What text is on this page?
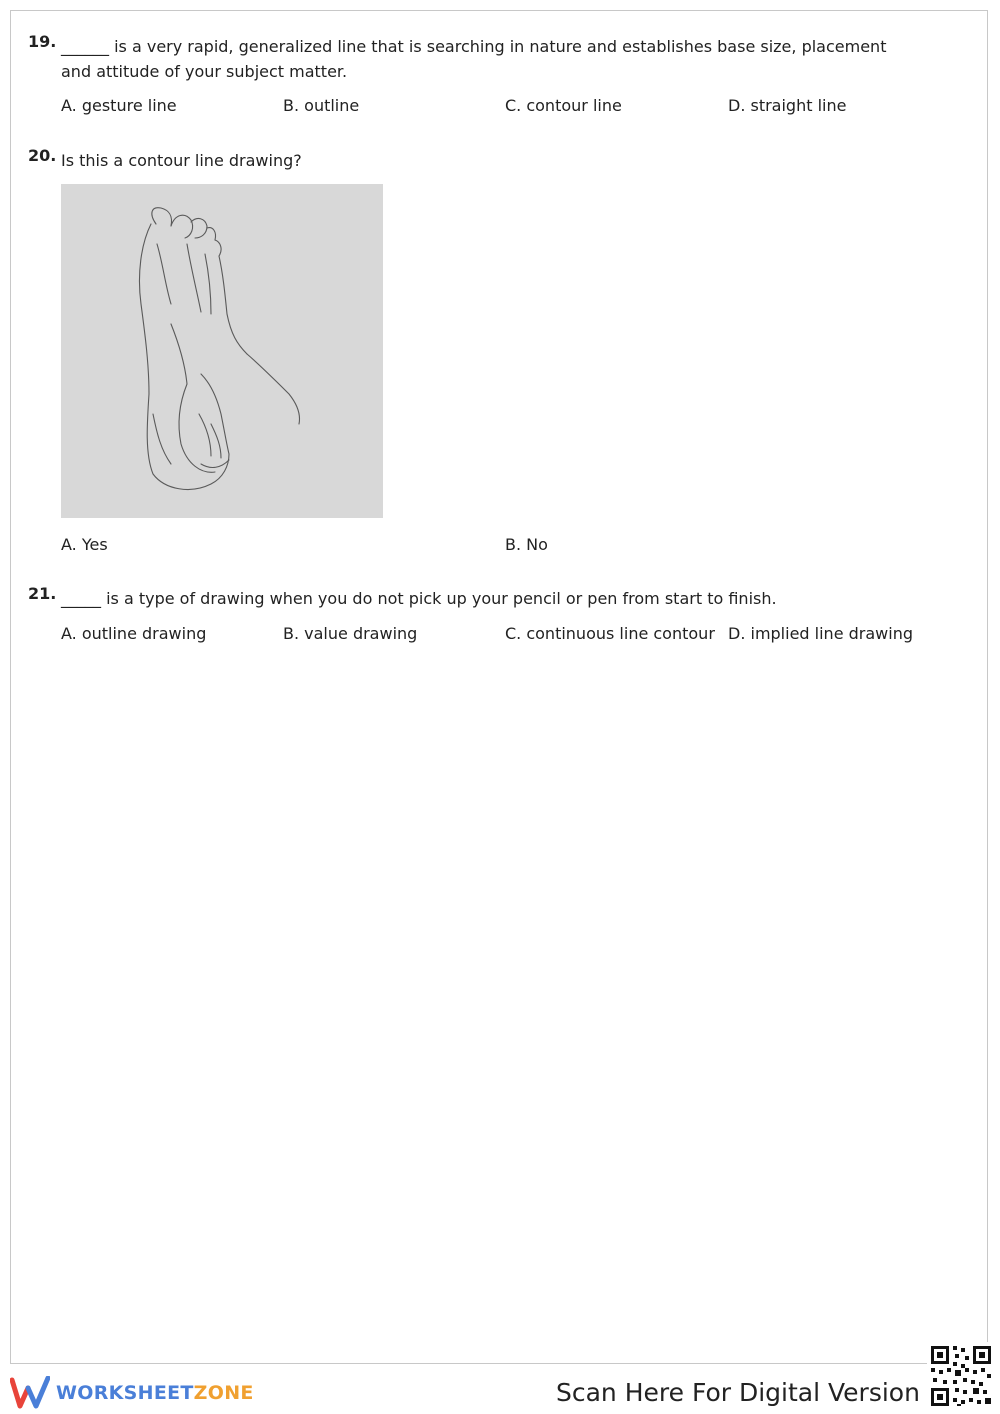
19. ______ is a very rapid, generalized line that is searching in nature and establishes base size, placement and attitude of your subject matter.
A. gesture line	B. outline	C. contour line	D. straight line
20. Is this a contour line drawing?
A. Yes	B. No
21. _____ is a type of drawing when you do not pick up your pencil or pen from start to finish.
A. outline drawing	B. value drawing	C. continuous line contour D. implied line drawing
WORKSHEETZONE	Scan Here For Digital Version
